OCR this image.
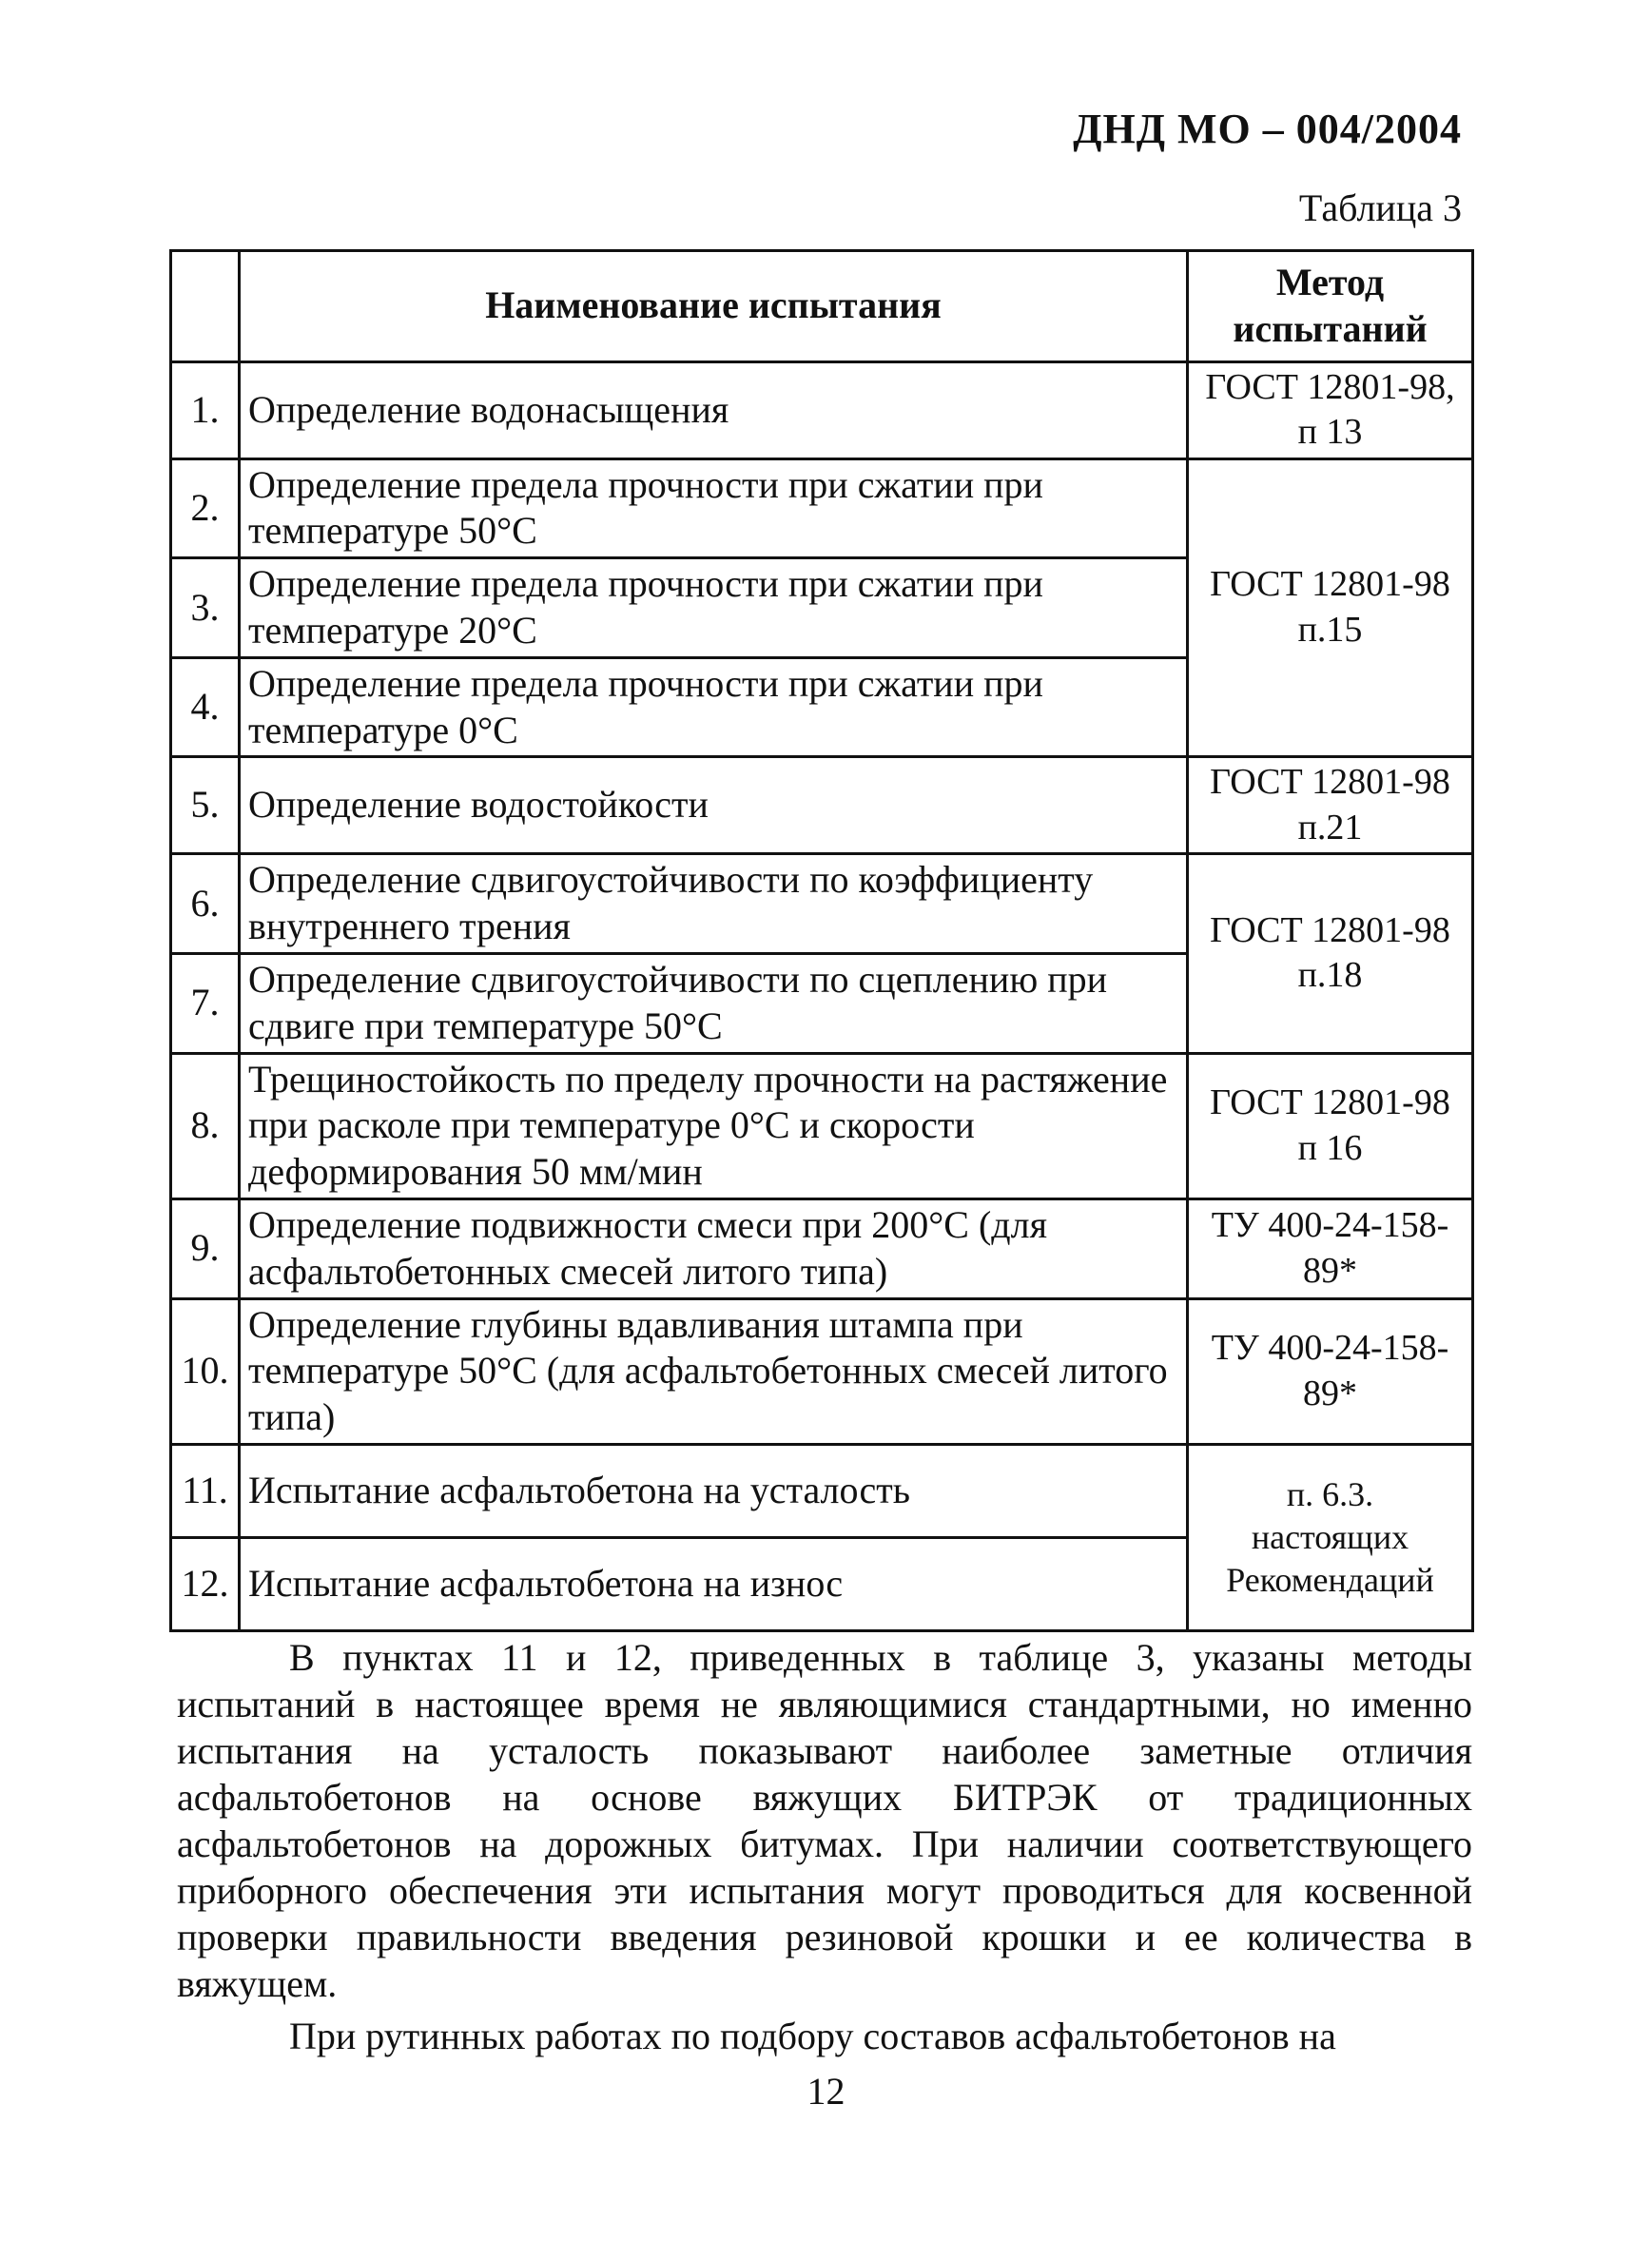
ДНД МО – 004/2004
Таблица 3
	Наименование испытания	Метод испытаний
1.	Определение водонасыщения	ГОСТ 12801-98,
п 13

2.	Определение предела прочности при сжатии при температуре 50°С	ГОСТ 12801-98
п.15

3.	Определение предела прочности при сжатии при температуре 20°С	
4.	Определение предела прочности при сжатии при температуре 0°С	
5.	Определение водостойкости	ГОСТ 12801-98
п.21

6.	Определение сдвигоустойчивости по коэффициенту внутреннего трения	ГОСТ 12801-98
п.18

7.	Определение сдвигоустойчивости по сцеплению при сдвиге при температуре 50°С	
8.	Трещиностойкость по пределу прочности на растяжение при расколе при температуре 0°С и скорости деформирования 50 мм/мин	ГОСТ 12801-98
п 16

9.	Определение подвижности смеси при 200°С (для асфальтобетонных смесей литого типа)	ТУ 400-24-158-
89*

10.	Определение глубины вдавливания штампа при температуре 50°С (для асфальтобетонных смесей литого типа)	ТУ 400-24-158-
89*

11.	Испытание асфальтобетона на усталость	п. 6.3.
настоящих
Рекомендаций

12.	Испытание асфальтобетона на износ	

В пунктах 11 и 12, приведенных в таблице 3, указаны методы испытаний в настоящее время не являющимися стандартными, но именно испытания на усталость показывают наиболее заметные отличия асфальтобетонов на основе вяжущих БИТРЭК от традиционных асфальтобетонов на дорожных битумах. При наличии соответствующего приборного обеспечения эти испытания могут проводиться для косвенной проверки правильности введения резиновой крошки и ее количества в вяжущем.

При рутинных работах по подбору составов асфальтобетонов на

12
